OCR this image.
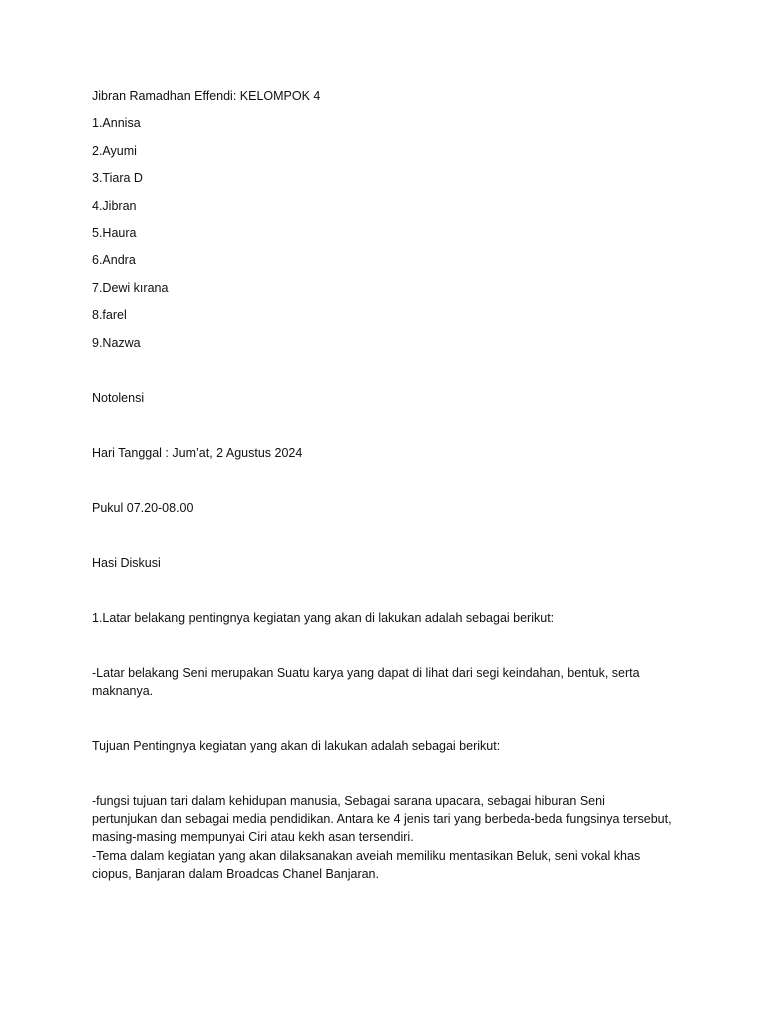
Jibran Ramadhan Effendi: KELOMPOK 4

1.Annisa

2.Ayumi

3.Tiara D

4.Jibran

5.Haura

6.Andra

7.Dewi kırana

8.farel

9.Nazwa

Notolensi

Hari Tanggal : Jum’at, 2 Agustus 2024

Pukul 07.20-08.00

Hasi Diskusi

1.Latar belakang pentingnya kegiatan yang akan di lakukan adalah sebagai berikut:

-Latar belakang Seni merupakan Suatu karya yang dapat di lihat dari segi keindahan, bentuk, serta maknanya.

Tujuan Pentingnya kegiatan yang akan di lakukan adalah sebagai berikut:

-fungsi tujuan tari dalam kehidupan manusia, Sebagai sarana upacara, sebagai hiburan Seni pertunjukan dan sebagai media pendidikan. Antara ke 4 jenis tari yang berbeda-beda fungsinya tersebut, masing-masing mempunyai Ciri atau kekh asan tersendiri.

-Tema dalam kegiatan yang akan dilaksanakan aveiah memiliku mentasikan Beluk, seni vokal khas ciopus, Banjaran dalam Broadcas Chanel Banjaran.
